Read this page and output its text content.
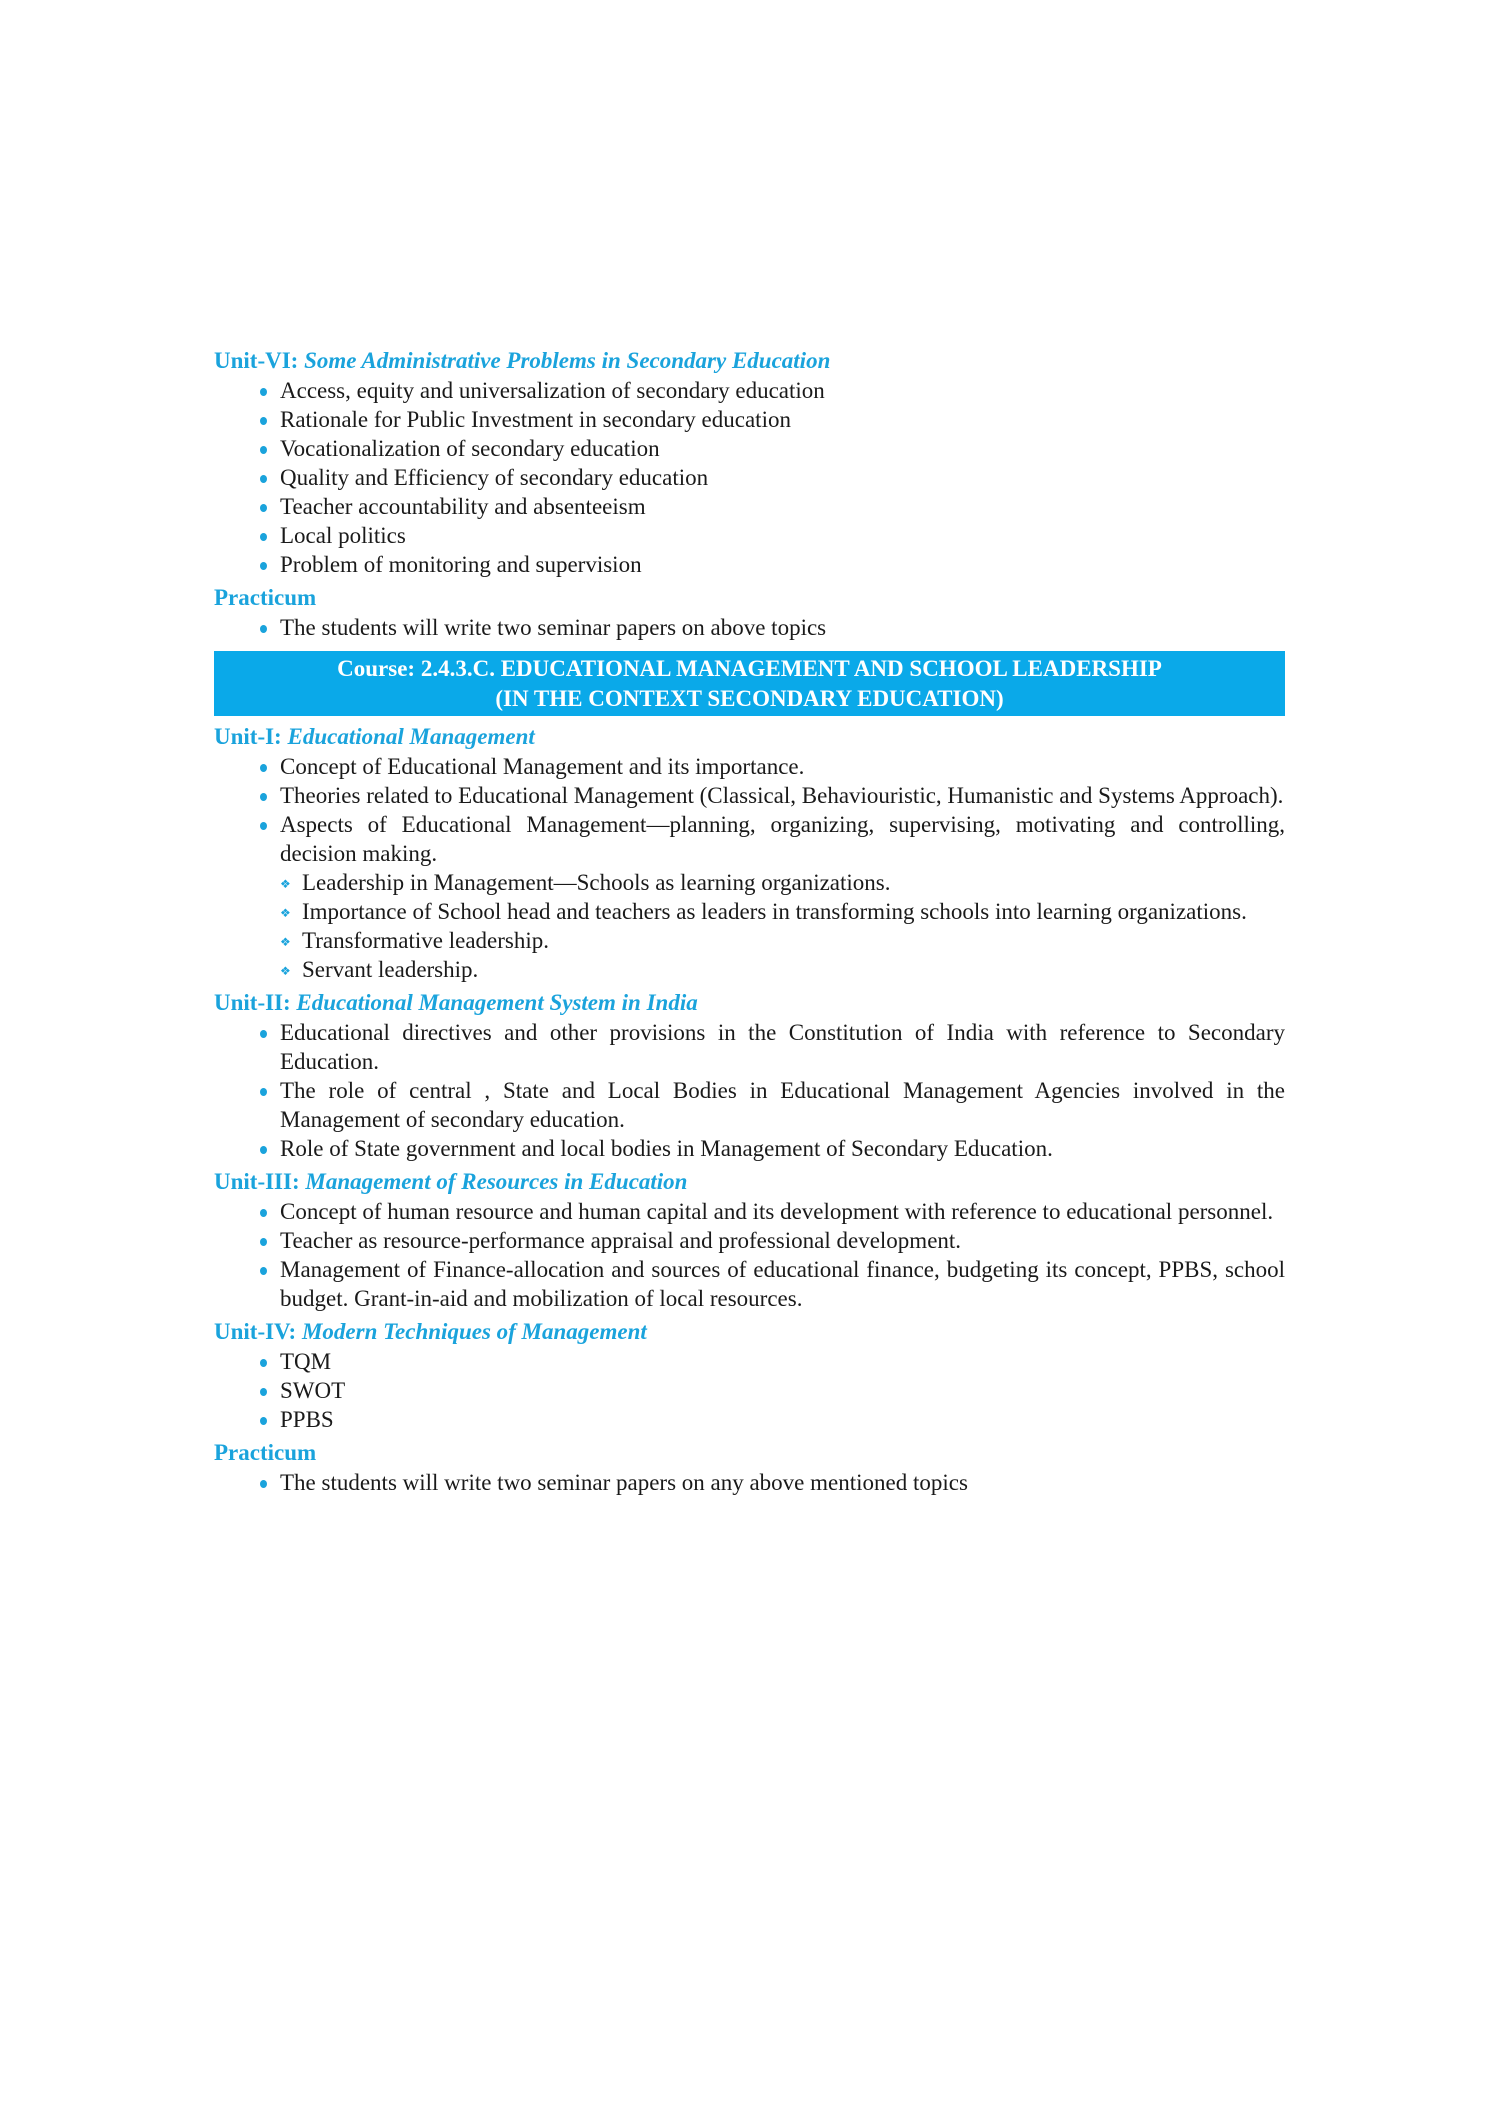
Unit-VI: Some Administrative Problems in Secondary Education
Access, equity and universalization of secondary education
Rationale for Public Investment in secondary education
Vocationalization of secondary education
Quality and Efficiency of secondary education
Teacher accountability and absenteeism
Local politics
Problem of monitoring and supervision
Practicum
The students will write two seminar papers on above topics
Course: 2.4.3.C. EDUCATIONAL MANAGEMENT AND SCHOOL LEADERSHIP
(IN THE CONTEXT SECONDARY EDUCATION)
Unit-I: Educational Management
Concept of Educational Management and its importance.
Theories related to Educational Management (Classical, Behaviouristic, Humanistic and Systems Approach).
Aspects of Educational Management—planning, organizing, supervising, motivating and controlling, decision making.
❖ Leadership in Management—Schools as learning organizations.
❖ Importance of School head and teachers as leaders in transforming schools into learning organizations.
❖ Transformative leadership.
❖ Servant leadership.
Unit-II: Educational Management System in India
Educational directives and other provisions in the Constitution of India with reference to Secondary Education.
The role of central , State and Local Bodies in Educational Management Agencies involved in the Management of secondary education.
Role of State government and local bodies in Management of Secondary Education.
Unit-III: Management of Resources in Education
Concept of human resource and human capital and its development with reference to educational personnel.
Teacher as resource-performance appraisal and professional development.
Management of Finance-allocation and sources of educational finance, budgeting its concept, PPBS, school budget. Grant-in-aid and mobilization of local resources.
Unit-IV: Modern Techniques of Management
TQM
SWOT
PPBS
Practicum
The students will write two seminar papers on any above mentioned topics
